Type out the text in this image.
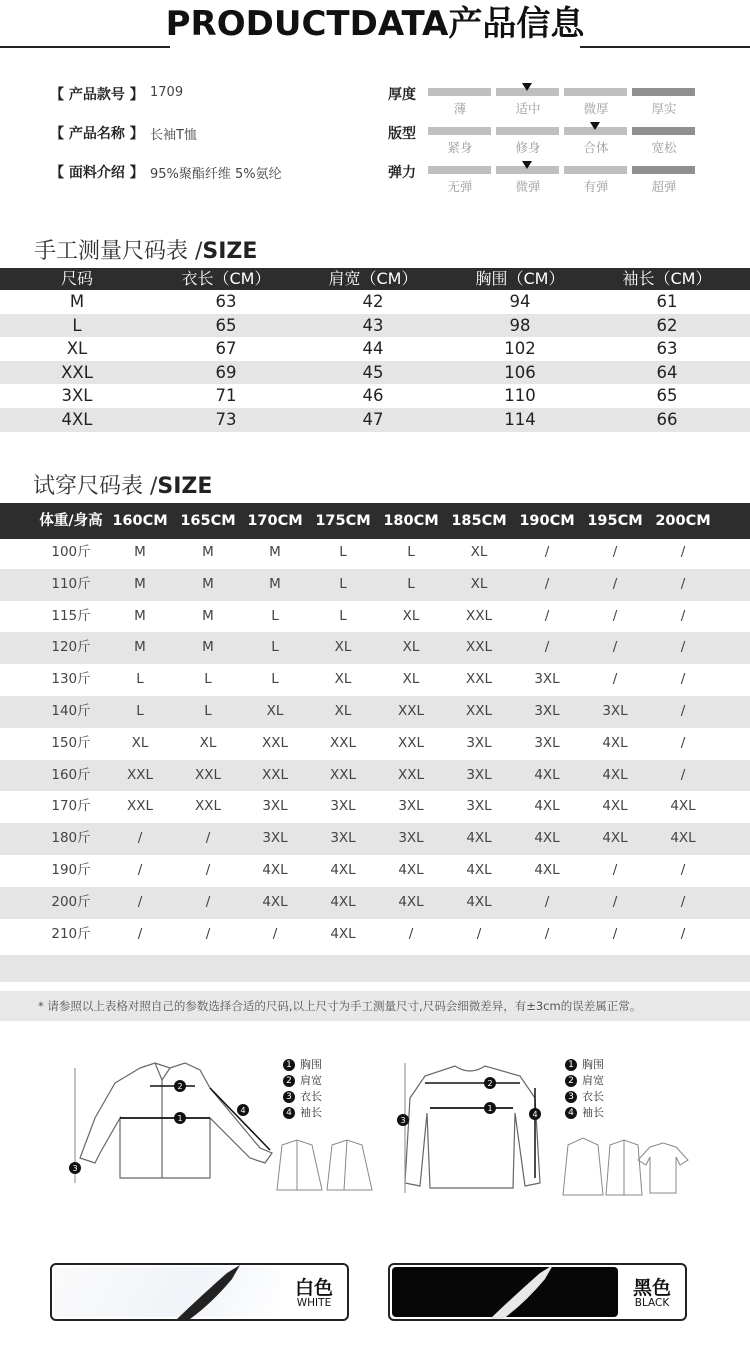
PRODUCTDATA产品信息
【 产品款号 】 1709
【 产品名称 】 长袖T恤
【 面料介绍 】 95%聚酯纤维 5%氨纶
厚度
薄	适中	微厚	厚实
版型
紧身	修身	合体	宽松
弹力
无弹	微弹	有弹	超弹
手工测量尺码表 /SIZE
尺码	衣长（CM）	肩宽（CM）	胸围（CM）	袖长（CM）
M	63	42	94	61
L	65	43	98	62
XL	67	44	102	63
XXL	69	45	106	64
3XL	71	46	110	65
4XL	73	47	114	66
试穿尺码表 /SIZE
体重/身高 160CM 165CM 170CM 175CM 180CM 185CM 190CM 195CM 200CM
100斤	M	M	M	L	L	XL	/	/	/
110斤	M	M	M	L	L	XL	/	/	/
115斤	M	M	L	L	XL	XXL	/	/	/
120斤	M	M	L	XL	XL	XXL	/	/	/
130斤	L	L	L	XL	XL	XXL	3XL	/	/
140斤	L	L	XL	XL	XXL	XXL	3XL	3XL	/
150斤	XL	XL	XXL	XXL	XXL	3XL	3XL	4XL	/
160斤	XXL	XXL	XXL	XXL	XXL	3XL	4XL	4XL	/
170斤	XXL	XXL	3XL	3XL	3XL	3XL	4XL	4XL	4XL
180斤	/	/	3XL	3XL	3XL	4XL	4XL	4XL	4XL
190斤	/	/	4XL	4XL	4XL	4XL	4XL	/	/
200斤	/	/	4XL	4XL	4XL	4XL	/	/	/
210斤	/	/	/	4XL	/	/	/	/	/
* 请参照以上表格对照自己的参数选择合适的尺码,以上尺寸为手工测量尺寸,尺码会细微差异，有±3cm的误差属正常。
1
2
3
4
1 胸围
2 肩宽
3 衣长
4 袖长
2
1
3
4
1 胸围
2 肩宽
3 衣长
4 袖长
白色
WHITE
黑色
BLACK
